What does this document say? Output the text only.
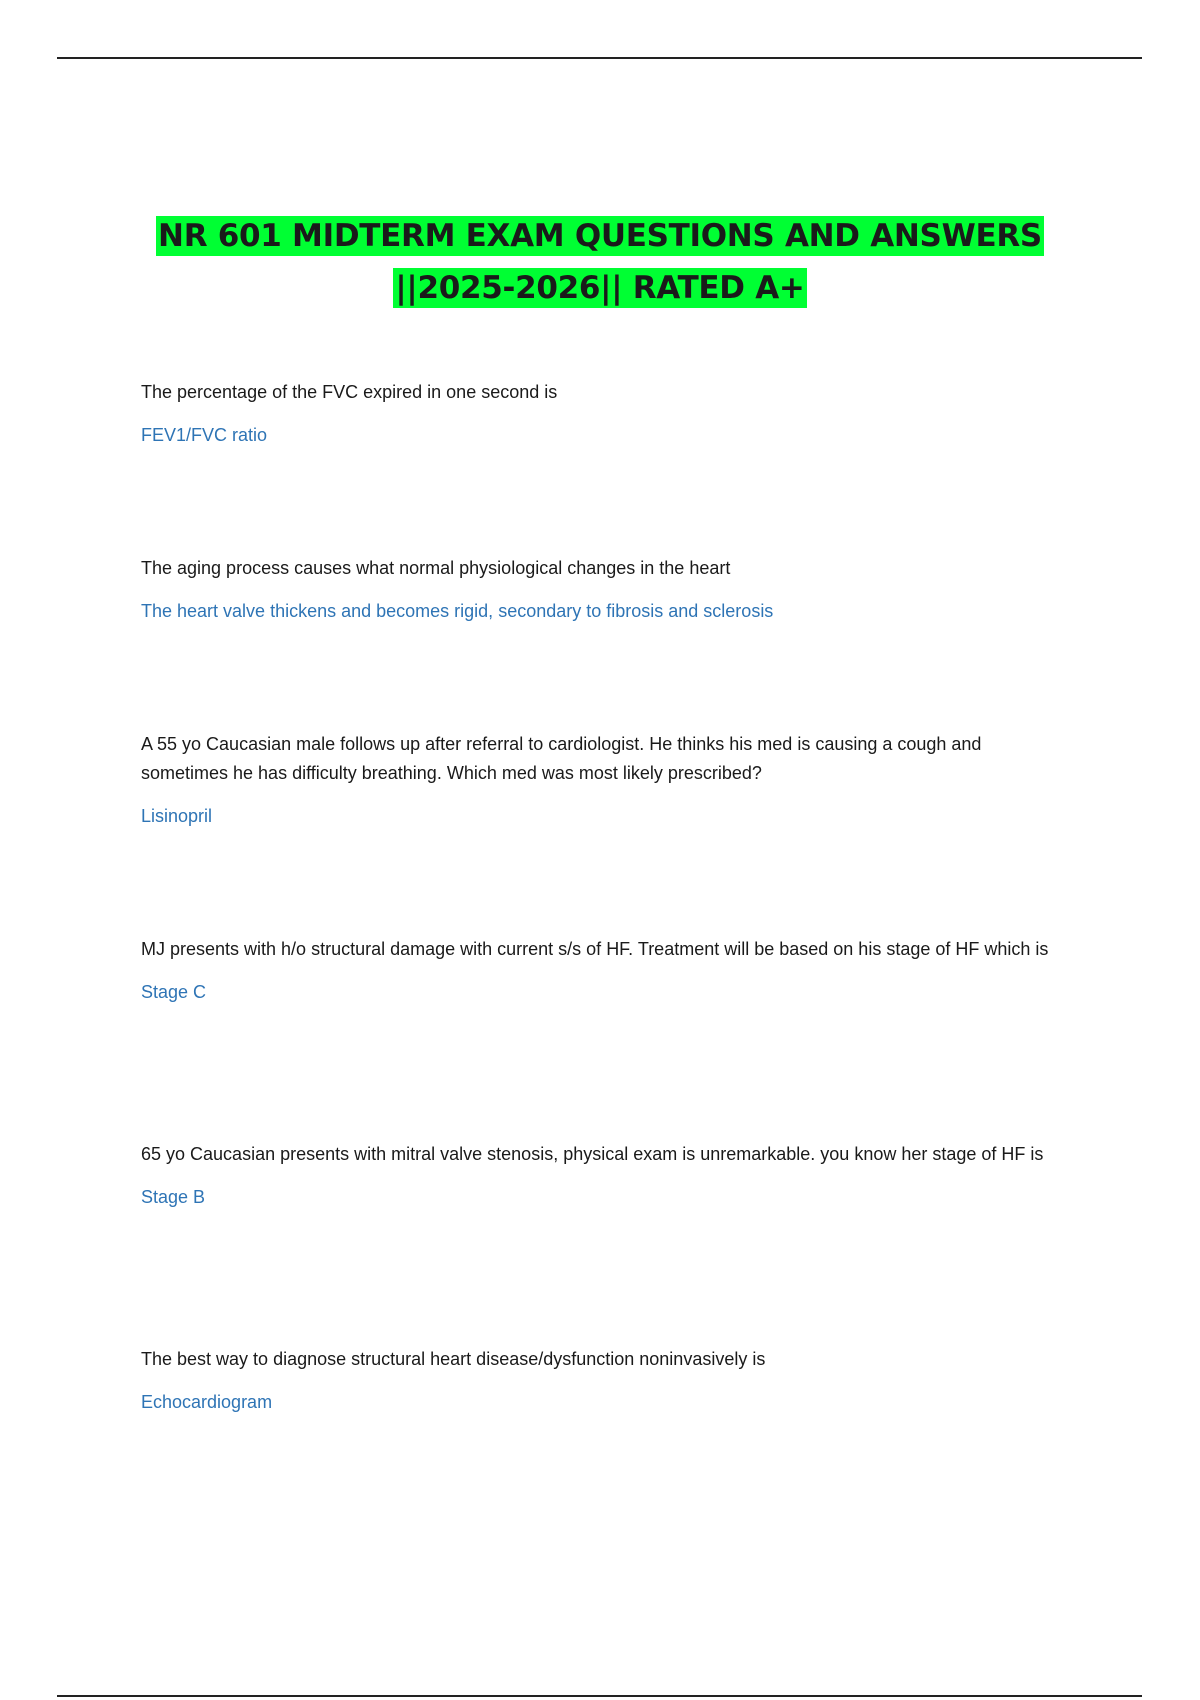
NR 601 MIDTERM EXAM QUESTIONS AND ANSWERS
||2025-2026|| RATED A+

The percentage of the FVC expired in one second is

FEV1/FVC ratio

The aging process causes what normal physiological changes in the heart

The heart valve thickens and becomes rigid, secondary to fibrosis and sclerosis

A 55 yo Caucasian male follows up after referral to cardiologist. He thinks his med is causing a cough and sometimes he has difficulty breathing. Which med was most likely prescribed?

Lisinopril

MJ presents with h/o structural damage with current s/s of HF. Treatment will be based on his stage of HF which is

Stage C

65 yo Caucasian presents with mitral valve stenosis, physical exam is unremarkable. you know her stage of HF is

Stage B

The best way to diagnose structural heart disease/dysfunction noninvasively is

Echocardiogram
